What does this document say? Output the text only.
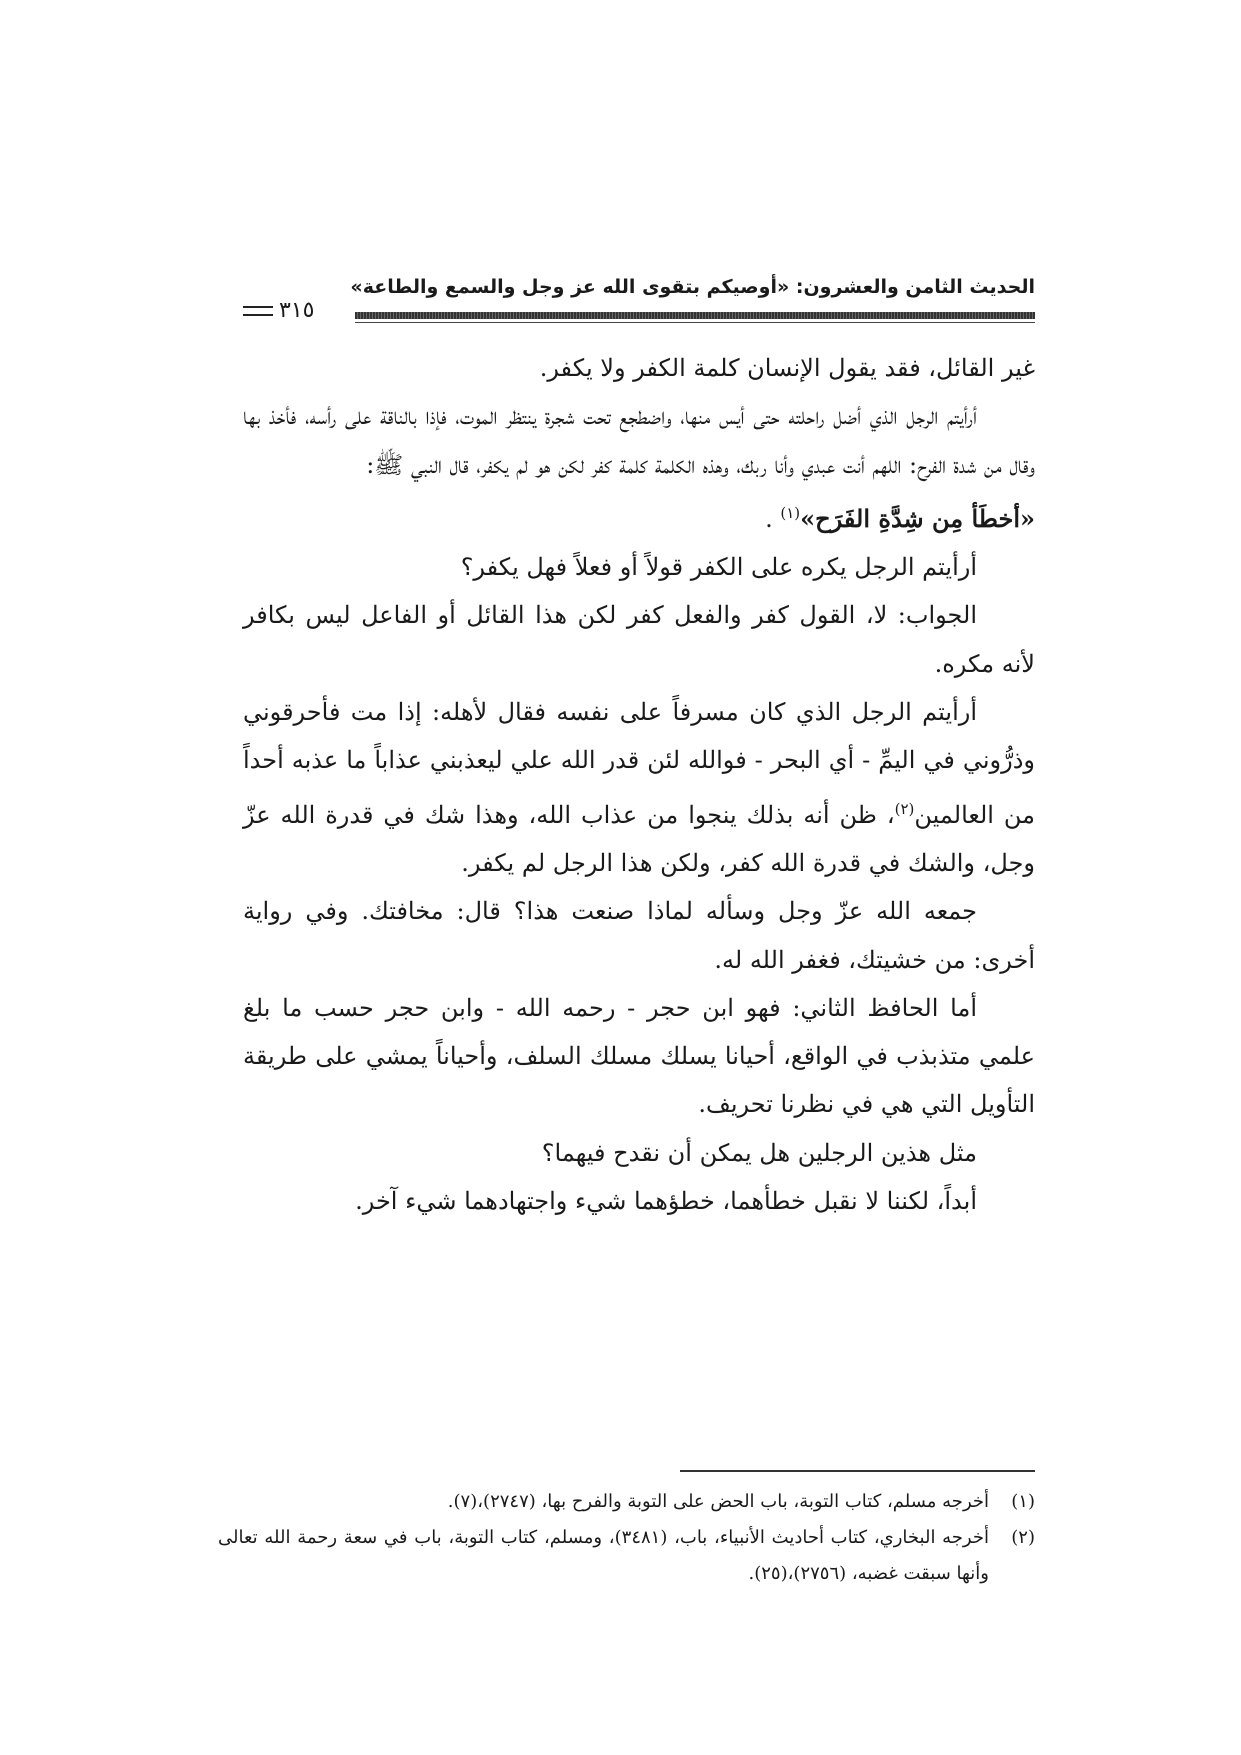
الحديث الثامن والعشرون: «أوصيكم بتقوى الله عز وجل والسمع والطاعة»
٣١٥

غير القائل، فقد يقول الإنسان كلمة الكفر ولا يكفر.

أرأيتم الرجل الذي أضل راحلته حتى أيس منها، واضطجع تحت شجرة ينتظر الموت، فإذا بالناقة على رأسه، فأخذ بها وقال من شدة الفرح: اللهم أنت عبدي وأنا ربك، وهذه الكلمة كلمة كفر لكن هو لم يكفر، قال النبي ﷺ:
«أخطَأ مِن شِدَّةِ الفَرَح»$^{(١)}$ .

أرأيتم الرجل يكره على الكفر قولاً أو فعلاً فهل يكفر؟

الجواب: لا، القول كفر والفعل كفر لكن هذا القائل أو الفاعل ليس بكافر لأنه مكره.

أرأيتم الرجل الذي كان مسرفاً على نفسه فقال لأهله: إذا مت فأحرقوني وذرُّوني في اليمِّ - أي البحر - فوالله لئن قدر الله علي ليعذبني عذاباً ما عذبه أحداً من العالمين$^{(٢)}$، ظن أنه بذلك ينجوا من عذاب الله، وهذا شك في قدرة الله عزّ وجل، والشك في قدرة الله كفر، ولكن هذا الرجل لم يكفر.

جمعه الله عزّ وجل وسأله لماذا صنعت هذا؟ قال: مخافتك. وفي رواية أخرى: من خشيتك، فغفر الله له.

أما الحافظ الثاني: فهو ابن حجر - رحمه الله - وابن حجر حسب ما بلغ علمي متذبذب في الواقع، أحيانا يسلك مسلك السلف، وأحياناً يمشي على طريقة التأويل التي هي في نظرنا تحريف.

مثل هذين الرجلين هل يمكن أن نقدح فيهما؟

أبداً، لكننا لا نقبل خطأهما، خطؤهما شيء واجتهادهما شيء آخر.

(١)
أخرجه مسلم، كتاب التوبة، باب الحض على التوبة والفرح بها، (٢٧٤٧)،(٧).
(٢)
أخرجه البخاري، كتاب أحاديث الأنبياء، باب، (٣٤٨١)، ومسلم، كتاب التوبة، باب في سعة رحمة الله تعالى وأنها سبقت غضبه، (٢٧٥٦)،(٢٥).
